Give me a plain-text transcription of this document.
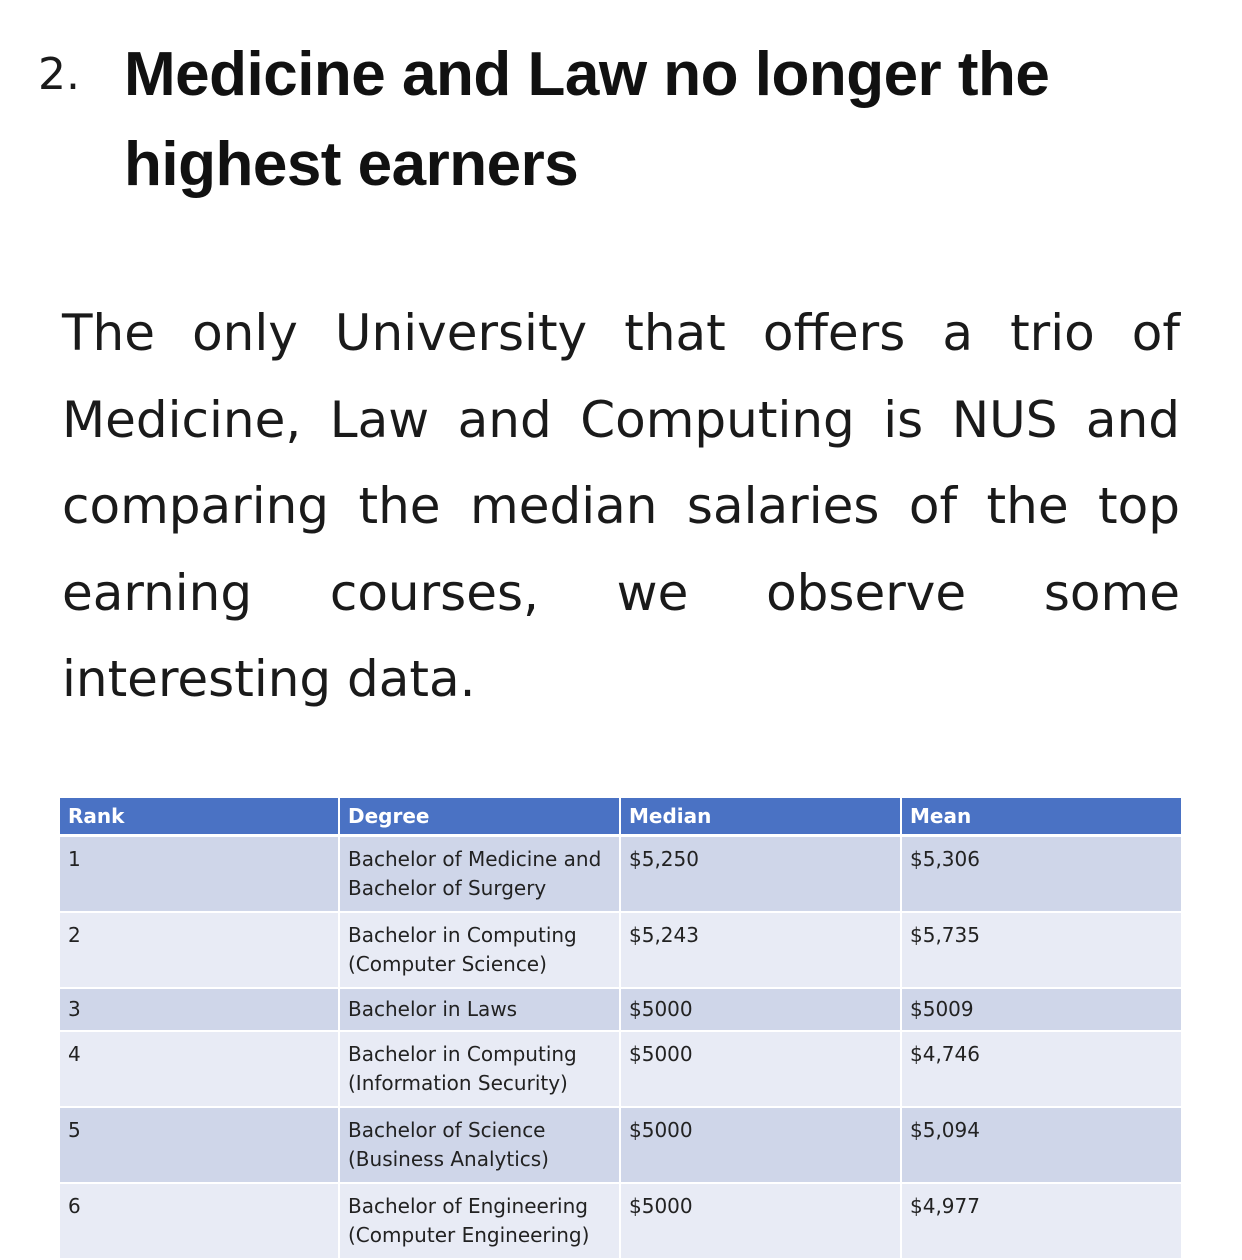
2. Medicine and Law no longer the highest earners

The only University that offers a trio of Medicine, Law and Computing is NUS and comparing the median salaries of the top earning courses, we observe some interesting data.

Rank	Degree	Median	Mean
1	Bachelor of Medicine and
Bachelor of Surgery	$5,250	$5,306
2	Bachelor in Computing
(Computer Science)	$5,243	$5,735
3	Bachelor in Laws	$5000	$5009
4	Bachelor in Computing
(Information Security)	$5000	$4,746
5	Bachelor of Science
(Business Analytics)	$5000	$5,094
6	Bachelor of Engineering
(Computer Engineering)	$5000	$4,977
